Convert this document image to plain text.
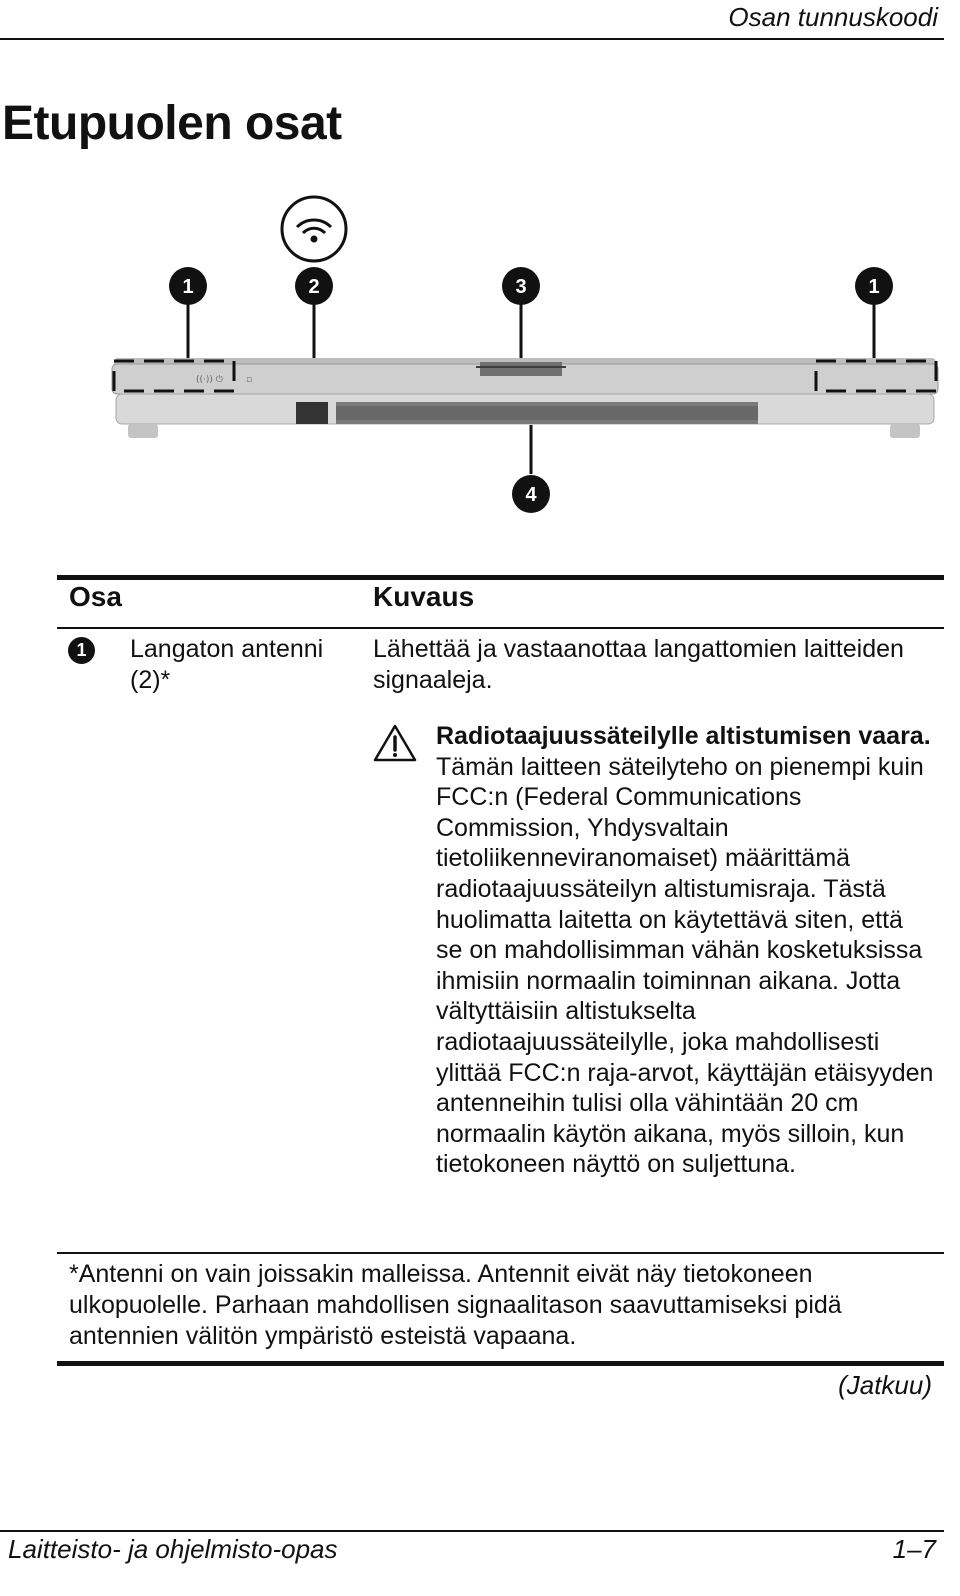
Osan tunnuskoodi
Etupuolen osat
((·)) ⏻	▫
1	2	3	1
4
Osa	Kuvaus
1	Langaton antenni (2)*
Lähettää ja vastaanottaa langattomien laitteiden signaaleja.
Radiotaajuussäteilylle altistumisen vaara. Tämän laitteen säteilyteho on pienempi kuin FCC:n (Federal Communications Commission, Yhdysvaltain tietoliikenneviranomaiset) määrittämä radiotaajuussäteilyn altistumisraja. Tästä huolimatta laitetta on käytettävä siten, että se on mahdollisimman vähän kosketuksissa ihmisiin normaalin toiminnan aikana. Jotta vältyttäisiin altistukselta radiotaajuussäteilylle, joka mahdollisesti ylittää FCC:n raja-arvot, käyttäjän etäisyyden antenneihin tulisi olla vähintään 20 cm normaalin käytön aikana, myös silloin, kun tietokoneen näyttö on suljettuna.
*Antenni on vain joissakin malleissa. Antennit eivät näy tietokoneen ulkopuolelle. Parhaan mahdollisen signaalitason saavuttamiseksi pidä antennien välitön ympäristö esteistä vapaana.
(Jatkuu)
Laitteisto- ja ohjelmisto-opas	1–7
